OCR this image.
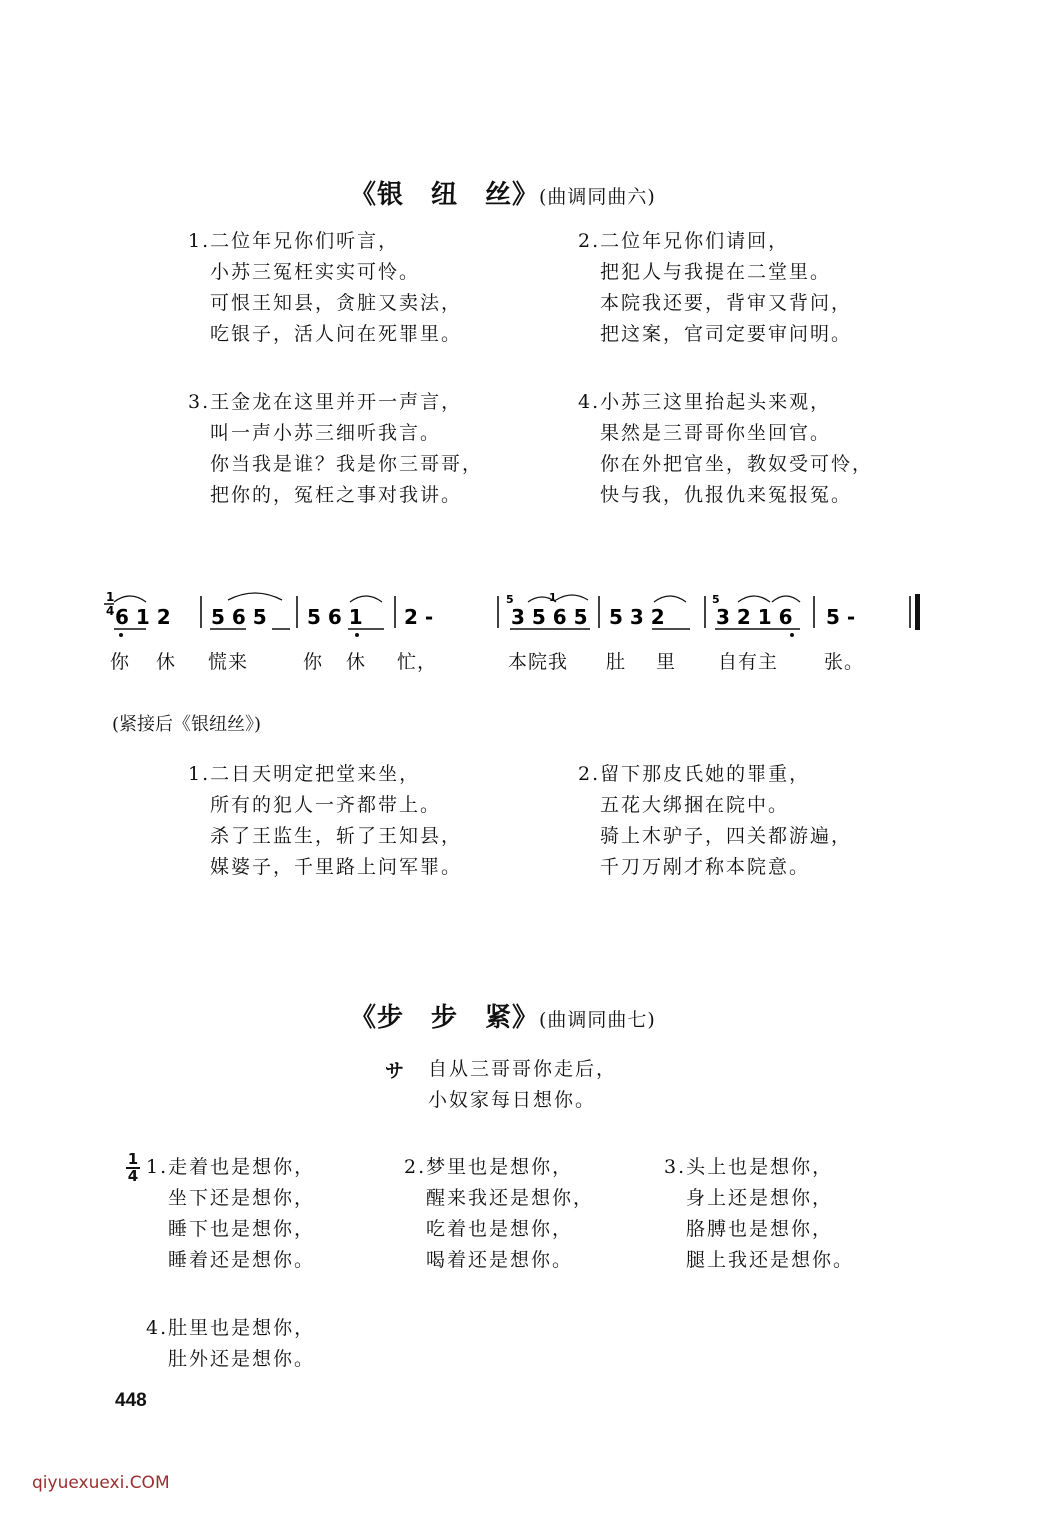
《银　纽　丝》(曲调同曲六)
1.二位年兄你们听言，
小苏三冤枉实实可怜。
可恨王知县，贪脏又卖法，
吃银子，活人问在死罪里。
2.二位年兄你们请回，
把犯人与我提在二堂里。
本院我还要，背审又背问，
把这案，官司定要审问明。
3.王金龙在这里并开一声言，
叫一声小苏三细听我言。
你当我是谁？我是你三哥哥，
把你的，冤枉之事对我讲。
4.小苏三这里抬起头来观，
果然是三哥哥你坐回官。
你在外把官坐，教奴受可怜，
快与我，仇报仇来冤报冤。
1
4
5	1	5
6 1 2 5 6 5 5 6 1 2 -	3 5 6 5 5 3 2	3 2 1 6 5 -
你 休 慌来	你 休 忙，	本院我 肚 里 自有主 张。
(紧接后《银纽丝》)
1.二日天明定把堂来坐，
所有的犯人一齐都带上。
杀了王监生，斩了王知县，
媒婆子，千里路上问军罪。
2.留下那皮氏她的罪重，
五花大绑捆在院中。
骑上木驴子，四关都游遍，
千刀万剐才称本院意。
《步　步　紧》(曲调同曲七)
サ 自从三哥哥你走后，
小奴家每日想你。
1
4 1.走着也是想你，
坐下还是想你，
睡下也是想你，
睡着还是想你。
2.梦里也是想你，
醒来我还是想你，
吃着也是想你，
喝着还是想你。
3.头上也是想你，
身上还是想你，
胳膊也是想你，
腿上我还是想你。
4.肚里也是想你，
肚外还是想你。
448
qiyuexuexi.COM
